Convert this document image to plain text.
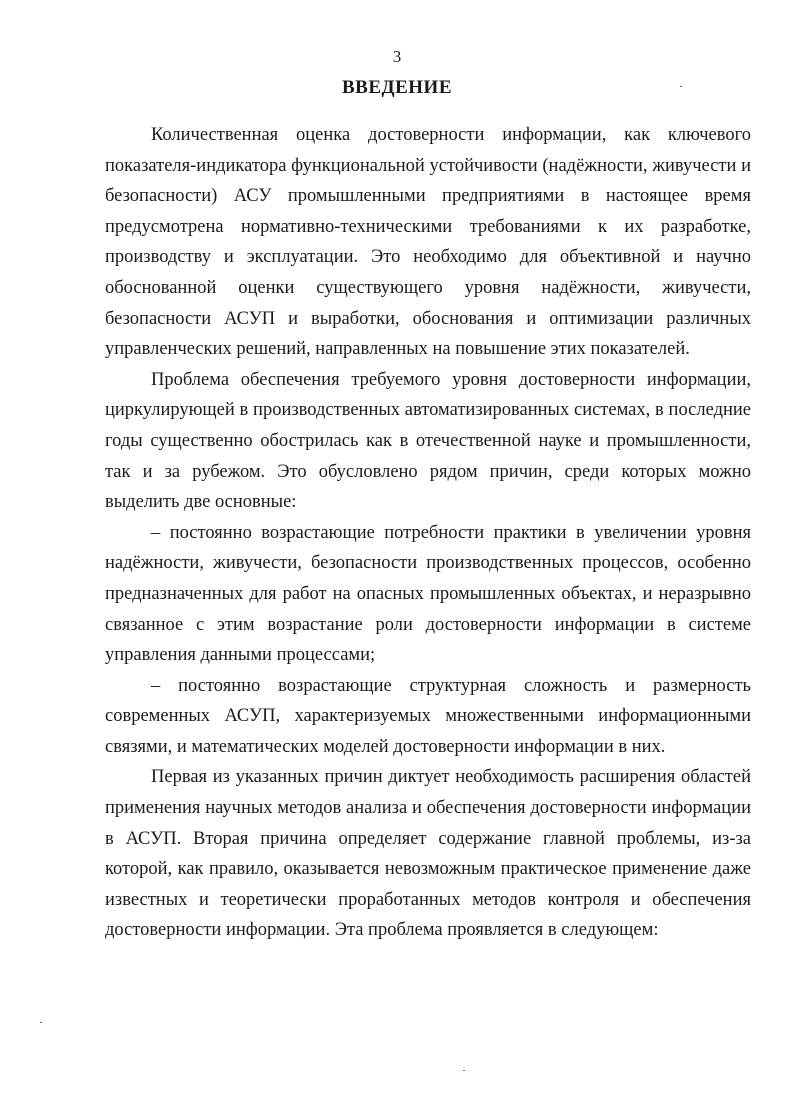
3
ВВЕДЕНИЕ

Количественная оценка достоверности информации, как ключевого показателя-индикатора функциональной устойчивости (надёжности, живучести и безопасности) АСУ промышленными предприятиями в настоящее время предусмотрена нормативно-техническими требованиями к их разработке, производству и эксплуатации. Это необходимо для объективной и научно обоснованной оценки существующего уровня надёжности, живучести, безопасности АСУП и выработки, обоснования и оптимизации различных управленческих решений, направленных на повышение этих показателей.

Проблема обеспечения требуемого уровня достоверности информации, циркулирующей в производственных автоматизированных системах, в последние годы существенно обострилась как в отечественной науке и промышленности, так и за рубежом. Это обусловлено рядом причин, среди которых можно выделить две основные:

– постоянно возрастающие потребности практики в увеличении уровня надёжности, живучести, безопасности производственных процессов, особенно предназначенных для работ на опасных промышленных объектах, и неразрывно связанное с этим возрастание роли достоверности информации в системе управления данными процессами;

– постоянно возрастающие структурная сложность и размерность современных АСУП, характеризуемых множественными информационными связями, и математических моделей достоверности информации в них.

Первая из указанных причин диктует необходимость расширения областей применения научных методов анализа и обеспечения достоверности информации в АСУП. Вторая причина определяет содержание главной проблемы, из-за которой, как правило, оказывается невозможным практическое применение даже известных и теоретически проработанных методов контроля и обеспечения достоверности информации. Эта проблема проявляется в следующем:
